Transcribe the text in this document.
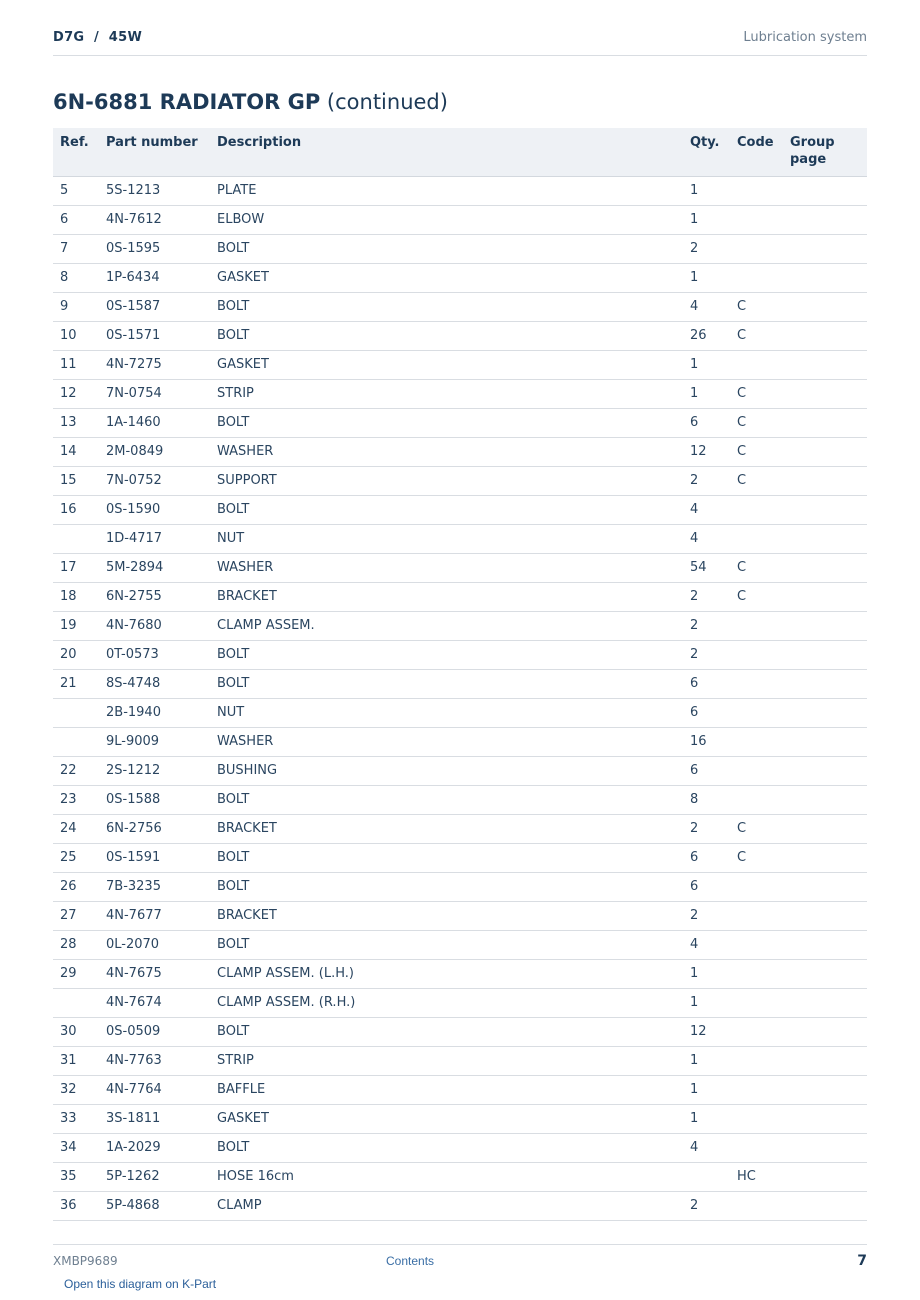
D7G  /  45W	Lubrication system
6N-6881 RADIATOR GP (continued)
Ref.	Part number	Description	Qty.	Code	Group page
5	5S-1213	PLATE	1		
6	4N-7612	ELBOW	1		
7	0S-1595	BOLT	2		
8	1P-6434	GASKET	1		
9	0S-1587	BOLT	4	C	
10	0S-1571	BOLT	26	C	
11	4N-7275	GASKET	1		
12	7N-0754	STRIP	1	C	
13	1A-1460	BOLT	6	C	
14	2M-0849	WASHER	12	C	
15	7N-0752	SUPPORT	2	C	
16	0S-1590	BOLT	4		
	1D-4717	NUT	4		
17	5M-2894	WASHER	54	C	
18	6N-2755	BRACKET	2	C	
19	4N-7680	CLAMP ASSEM.	2		
20	0T-0573	BOLT	2		
21	8S-4748	BOLT	6		
	2B-1940	NUT	6		
	9L-9009	WASHER	16		
22	2S-1212	BUSHING	6		
23	0S-1588	BOLT	8		
24	6N-2756	BRACKET	2	C	
25	0S-1591	BOLT	6	C	
26	7B-3235	BOLT	6		
27	4N-7677	BRACKET	2		
28	0L-2070	BOLT	4		
29	4N-7675	CLAMP ASSEM. (L.H.)	1		
	4N-7674	CLAMP ASSEM. (R.H.)	1		
30	0S-0509	BOLT	12		
31	4N-7763	STRIP	1		
32	4N-7764	BAFFLE	1		
33	3S-1811	GASKET	1		
34	1A-2029	BOLT	4		
35	5P-1262	HOSE 16cm		HC	
36	5P-4868	CLAMP	2		
XMBP9689	Contents	7
Open this diagram on K-Part
